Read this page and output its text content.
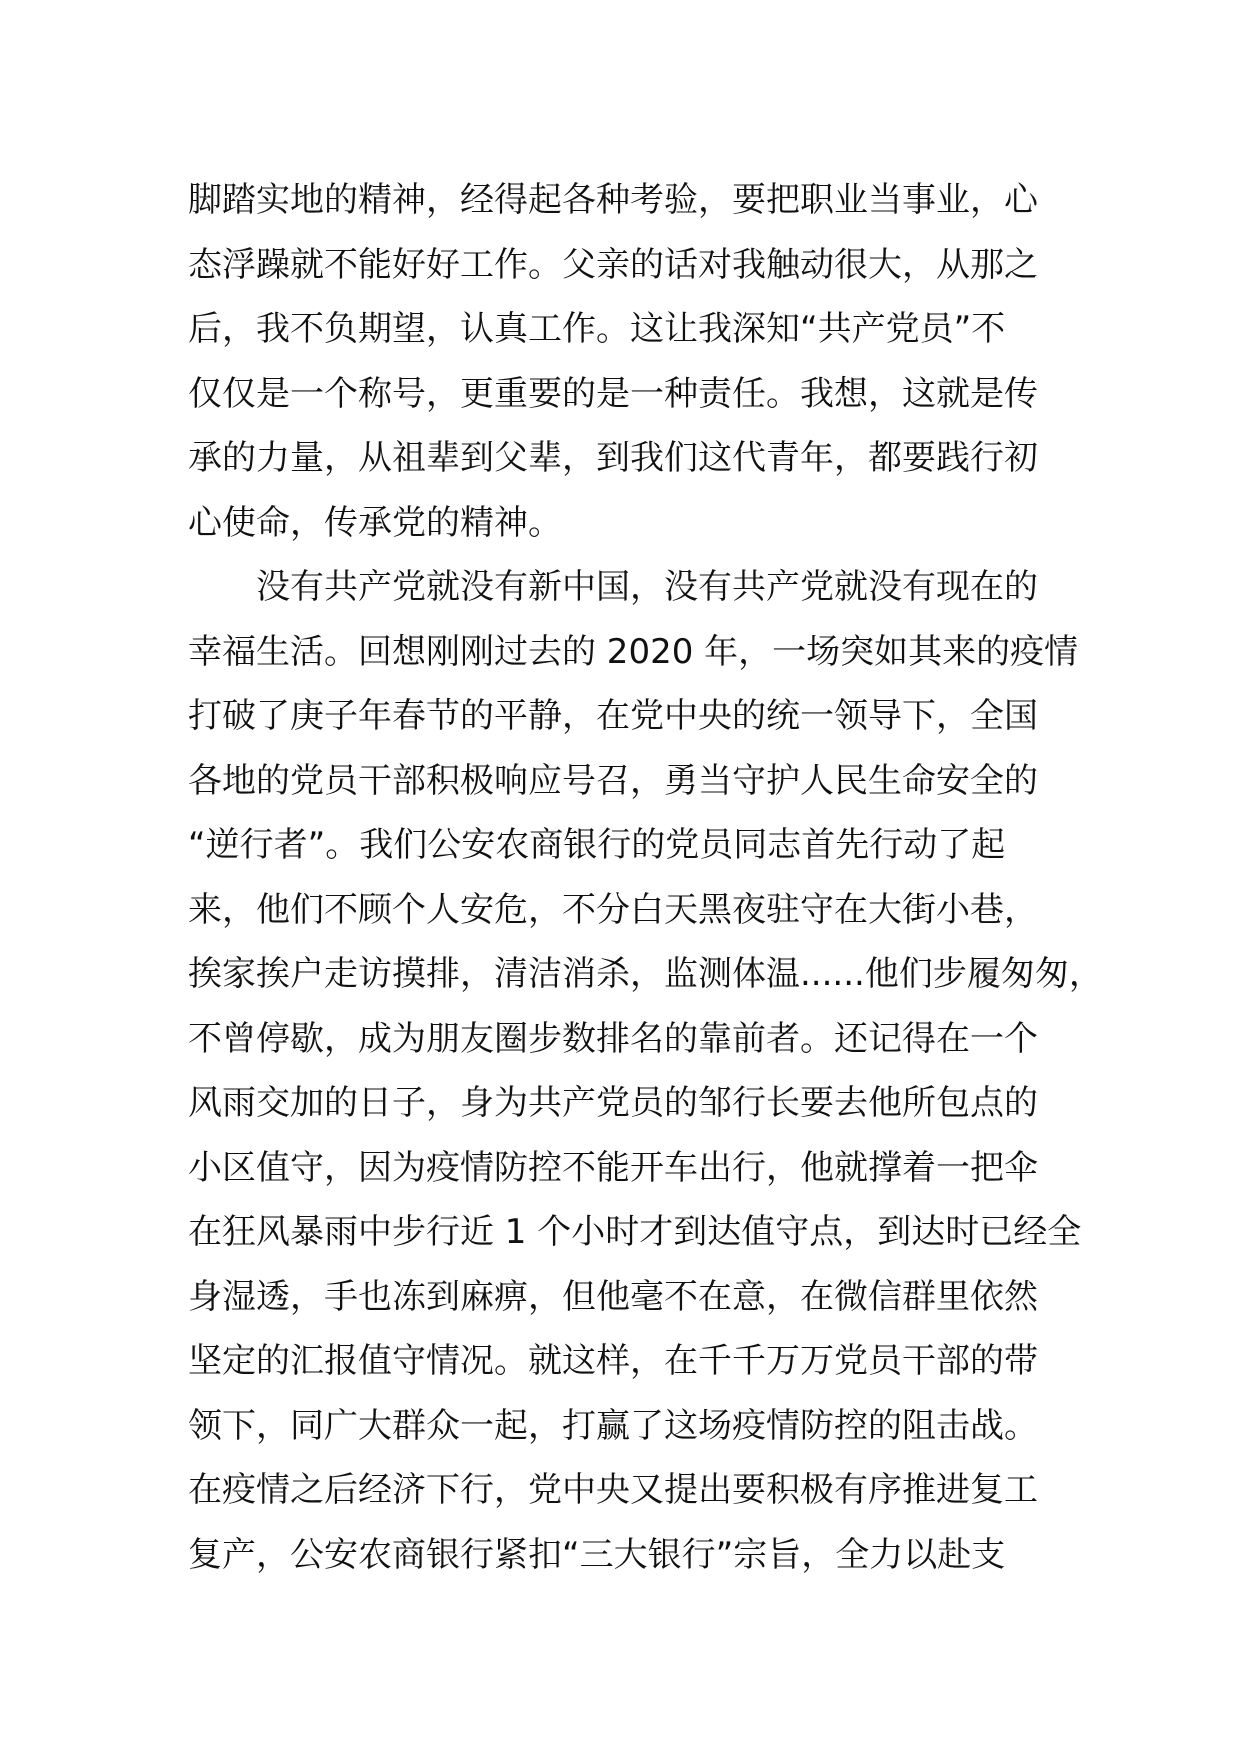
脚踏实地的精神，经得起各种考验，要把职业当事业，心
态浮躁就不能好好工作。父亲的话对我触动很大，从那之
后，我不负期望，认真工作。这让我深知“共产党员”不
仅仅是一个称号，更重要的是一种责任。我想，这就是传
承的力量，从祖辈到父辈，到我们这代青年，都要践行初
心使命，传承党的精神。
　　没有共产党就没有新中国，没有共产党就没有现在的
幸福生活。回想刚刚过去的 2020 年，一场突如其来的疫情
打破了庚子年春节的平静，在党中央的统一领导下，全国
各地的党员干部积极响应号召，勇当守护人民生命安全的
“逆行者”。我们公安农商银行的党员同志首先行动了起
来，他们不顾个人安危，不分白天黑夜驻守在大街小巷，
挨家挨户走访摸排，清洁消杀，监测体温......他们步履匆匆，
不曾停歇，成为朋友圈步数排名的靠前者。还记得在一个
风雨交加的日子，身为共产党员的邹行长要去他所包点的
小区值守，因为疫情防控不能开车出行，他就撑着一把伞
在狂风暴雨中步行近 1 个小时才到达值守点，到达时已经全
身湿透，手也冻到麻痹，但他毫不在意，在微信群里依然
坚定的汇报值守情况。就这样，在千千万万党员干部的带
领下，同广大群众一起，打赢了这场疫情防控的阻击战。
在疫情之后经济下行，党中央又提出要积极有序推进复工
复产，公安农商银行紧扣“三大银行”宗旨，全力以赴支
